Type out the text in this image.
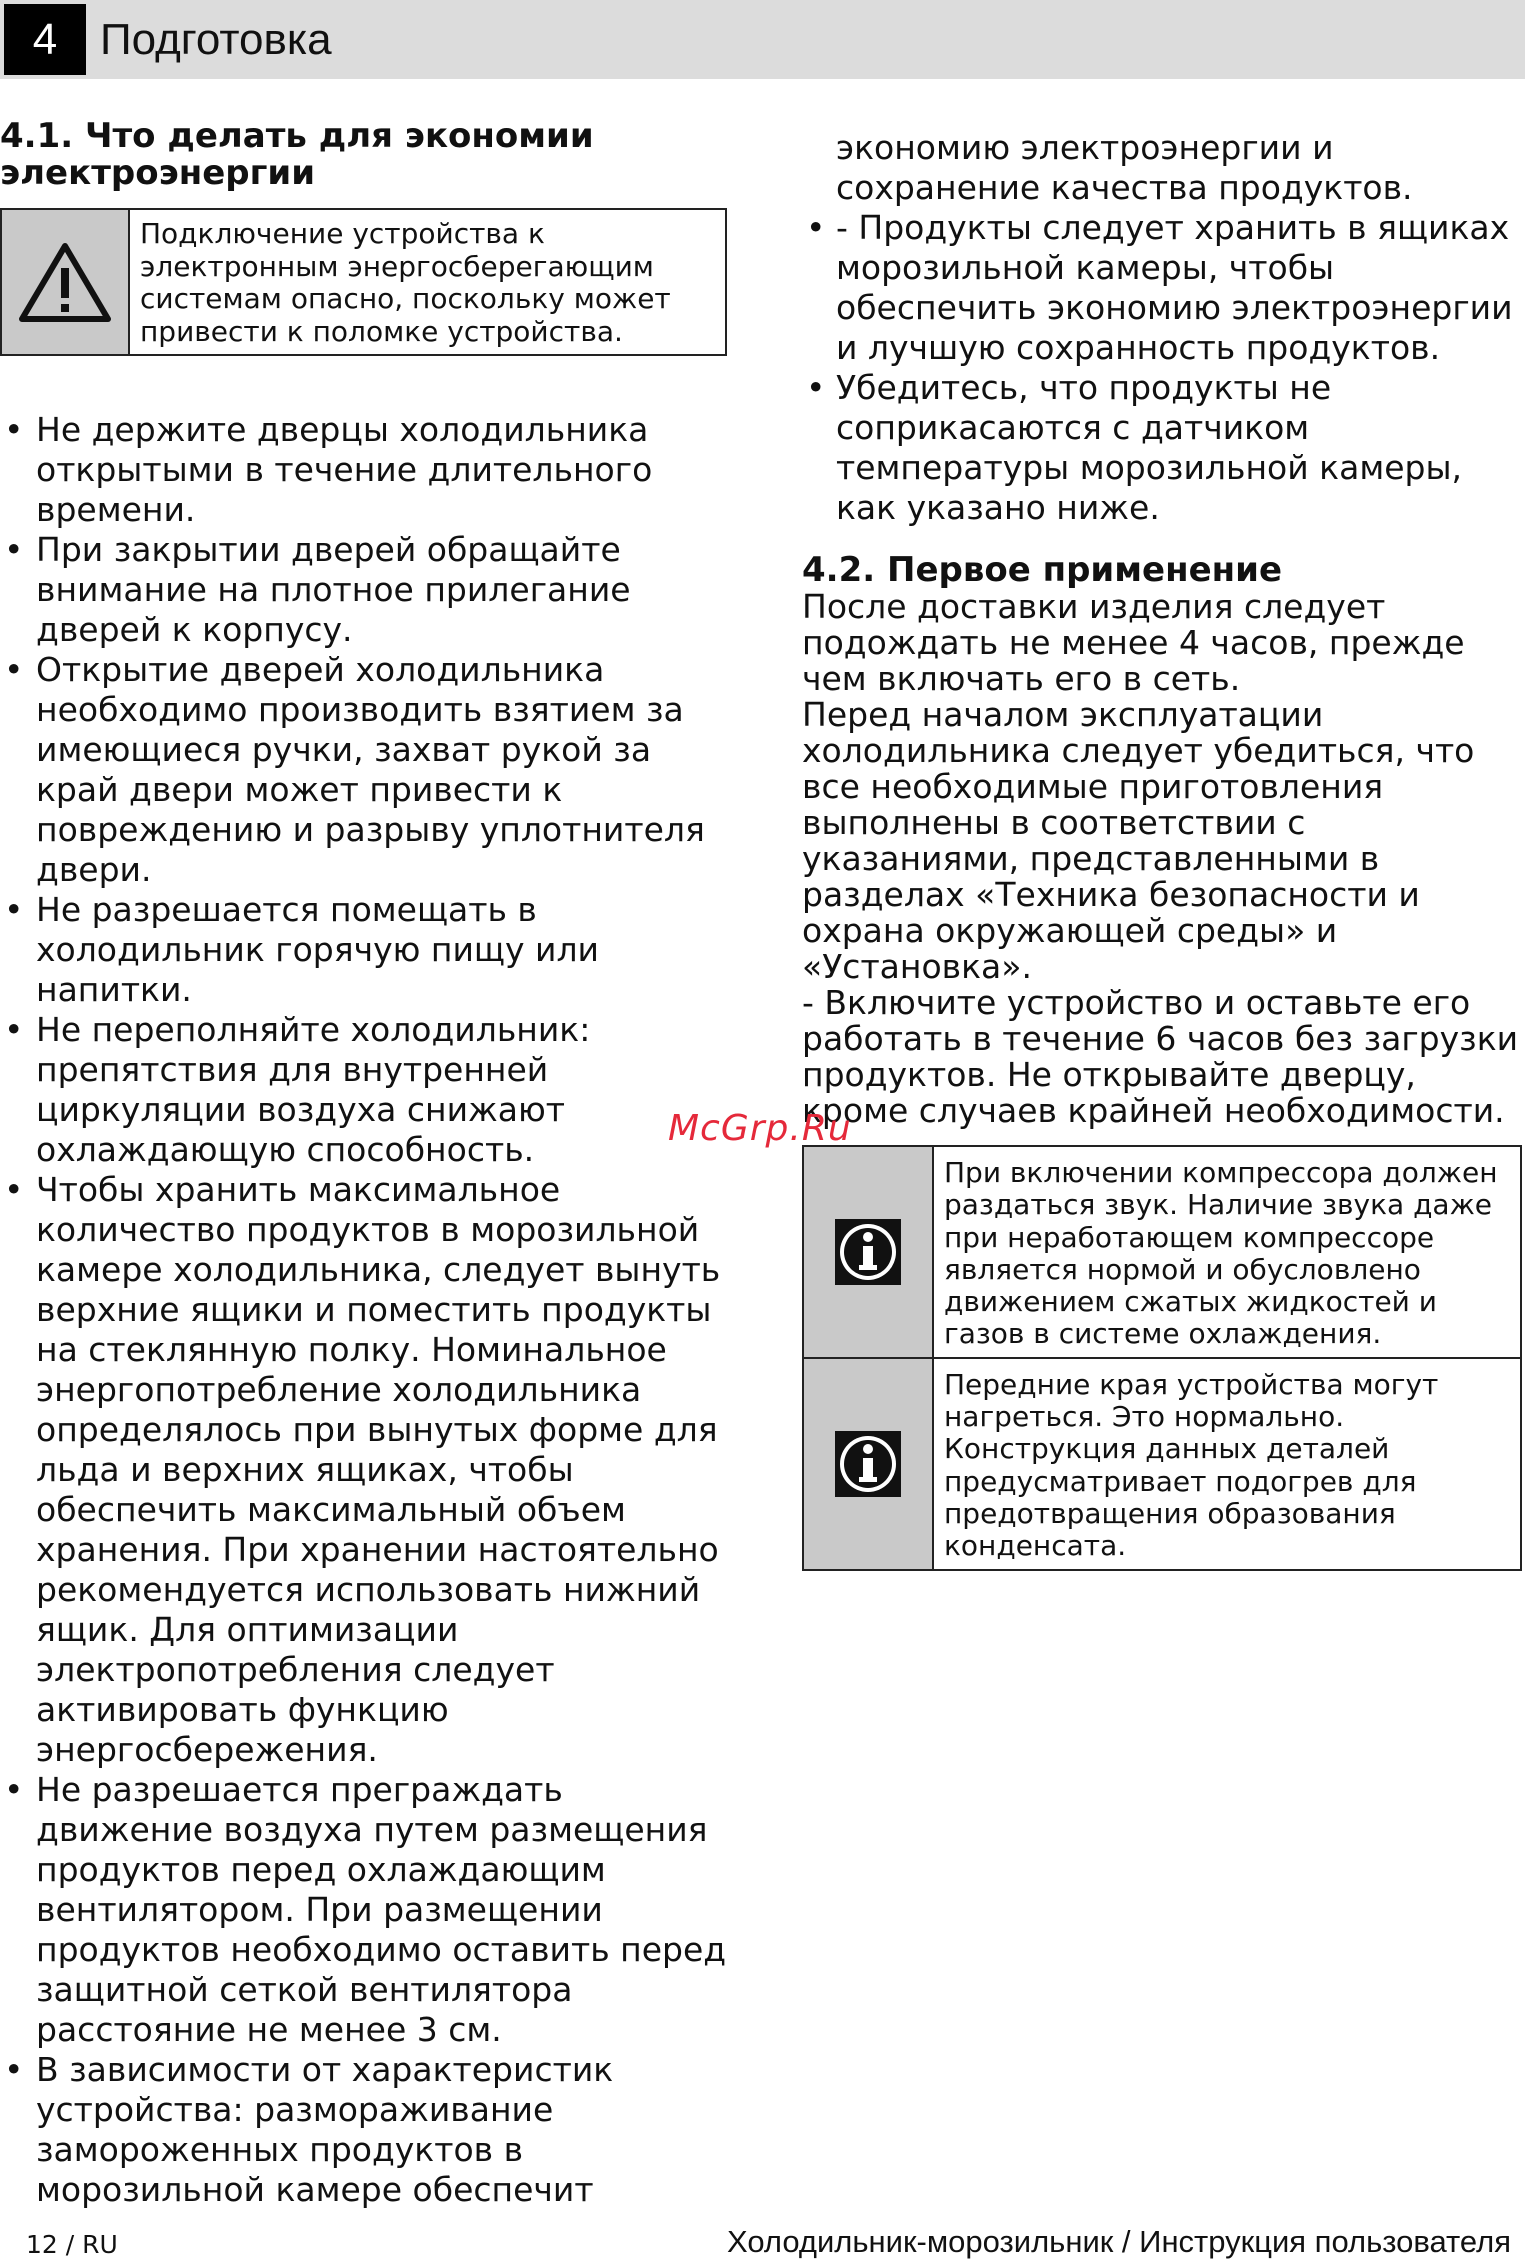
4 Подготовка
4.1. Что делать для экономии
электроэнергии
Подключение устройства к электронным энергосберегающим системам опасно, поскольку может привести к поломке устройства.
• Не держите дверцы холодильника открытыми в течение длительного времени.
• При закрытии дверей обращайте внимание на плотное прилегание дверей к корпусу.
• Открытие дверей холодильника необходимо производить взятием за имеющиеся ручки, захват рукой за край двери может привести к повреждению и разрыву уплотнителя двери.
• Не разрешается помещать в холодильник горячую пищу или напитки.
• Не переполняйте холодильник: препятствия для внутренней циркуляции воздуха снижают охлаждающую способность.
• Чтобы хранить максимальное количество продуктов в морозильной камере холодильника, следует вынуть верхние ящики и поместить продукты на стеклянную полку. Номинальное энергопотребление холодильника определялось при вынутых форме для льда и верхних ящиках, чтобы обеспечить максимальный объем хранения. При хранении настоятельно рекомендуется использовать нижний ящик. Для оптимизации электропотребления следует активировать функцию энергосбережения.
• Не разрешается преграждать движение воздуха путем размещения продуктов перед охлаждающим вентилятором. При размещении продуктов необходимо оставить перед защитной сеткой вентилятора расстояние не менее 3 см.
• В зависимости от характеристик устройства: размораживание замороженных продуктов в морозильной камере обеспечит
экономию электроэнергии и сохранение качества продуктов.
• - Продукты следует хранить в ящиках морозильной камеры, чтобы обеспечить экономию электроэнергии и лучшую сохранность продуктов.
• Убедитесь, что продукты не соприкасаются с датчиком температуры морозильной камеры, как указано ниже.
4.2. Первое применение

После доставки изделия следует подождать не менее 4 часов, прежде чем включать его в сеть.

Перед началом эксплуатации холодильника следует убедиться, что все необходимые приготовления выполнены в соответствии с указаниями, представленными в разделах «Техника безопасности и охрана окружающей среды» и «Установка».

- Включите устройство и оставьте его работать в течение 6 часов без загрузки продуктов. Не открывайте дверцу, кроме случаев крайней необходимости.

При включении компрессора должен раздаться звук. Наличие звука даже при неработающем компрессоре является нормой и обусловлено движением сжатых жидкостей и газов в системе охлаждения.
Передние края устройства могут нагреться. Это нормально. Конструкция данных деталей предусматривает подогрев для предотвращения образования конденсата.
McGrp.Ru
12 / RU	Холодильник-морозильник / Инструкция пользователя
